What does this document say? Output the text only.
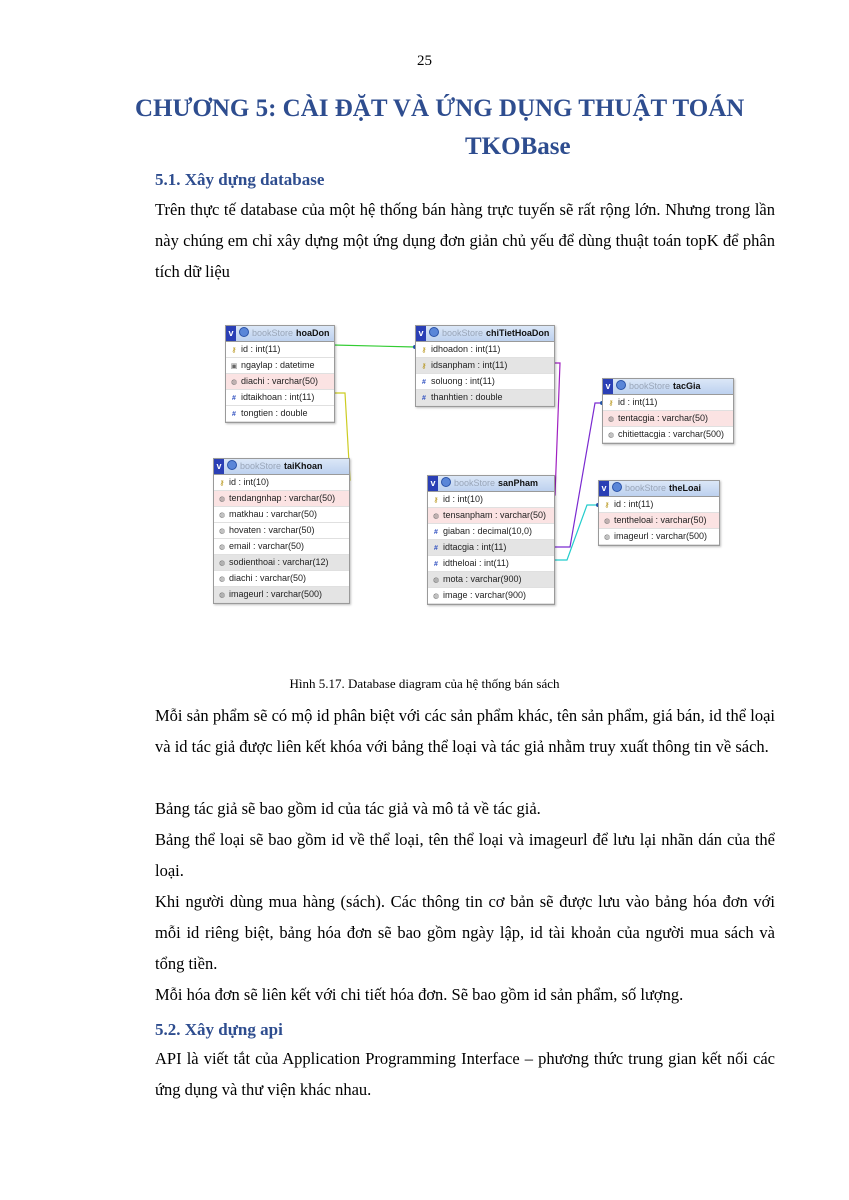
25
CHƯƠNG 5: CÀI ĐẶT VÀ ỨNG DỤNG THUẬT TOÁN
TKOBase
5.1. Xây dựng database

Trên thực tế database của một hệ thống bán hàng trực tuyến sẽ rất rộng lớn. Nhưng trong lần này chúng em chỉ xây dựng một ứng dụng đơn giản chủ yếu để dùng thuật toán topK để phân tích dữ liệu

v bookStore hoaDon
⚷ id : int(11)
▣ ngaylap : datetime
◍ diachi : varchar(50)
# idtaikhoan : int(11)
# tongtien : double
v bookStore chiTietHoaDon
⚷ idhoadon : int(11)
⚷ idsanpham : int(11)
# soluong : int(11)
# thanhtien : double
v bookStore tacGia
⚷ id : int(11)
◍ tentacgia : varchar(50)
◍ chitiettacgia : varchar(500)
v bookStore taiKhoan
⚷ id : int(10)
◍ tendangnhap : varchar(50)
◍ matkhau : varchar(50)
◍ hovaten : varchar(50)
◍ email : varchar(50)
◍ sodienthoai : varchar(12)
◍ diachi : varchar(50)
◍ imageurl : varchar(500)
v bookStore sanPham
⚷ id : int(10)
◍ tensanpham : varchar(50)
# giaban : decimal(10,0)
# idtacgia : int(11)
# idtheloai : int(11)
◍ mota : varchar(900)
◍ image : varchar(900)
v bookStore theLoai
⚷ id : int(11)
◍ tentheloai : varchar(50)
◍ imageurl : varchar(500)
Hình 5.17. Database diagram của hệ thống bán sách

Mỗi sản phẩm sẽ có mộ id phân biệt với các sản phẩm khác, tên sản phẩm, giá bán, id thể loại và id tác giả được liên kết khóa với bảng thể loại và tác giả nhằm truy xuất thông tin về sách.

Bảng tác giả sẽ bao gồm id của tác giả và mô tả về tác giả.

Bảng thể loại sẽ bao gồm id về thể loại, tên thể loại và imageurl để lưu lại nhãn dán của thể loại.

Khi người dùng mua hàng (sách). Các thông tin cơ bản sẽ được lưu vào bảng hóa đơn với mỗi id riêng biệt, bảng hóa đơn sẽ bao gồm ngày lập, id tài khoản của người mua sách và tổng tiền.

Mỗi hóa đơn sẽ liên kết với chi tiết hóa đơn. Sẽ bao gồm id sản phẩm, số lượng.

5.2. Xây dựng api

API là viết tắt của Application Programming Interface – phương thức trung gian kết nối các ứng dụng và thư viện khác nhau.
